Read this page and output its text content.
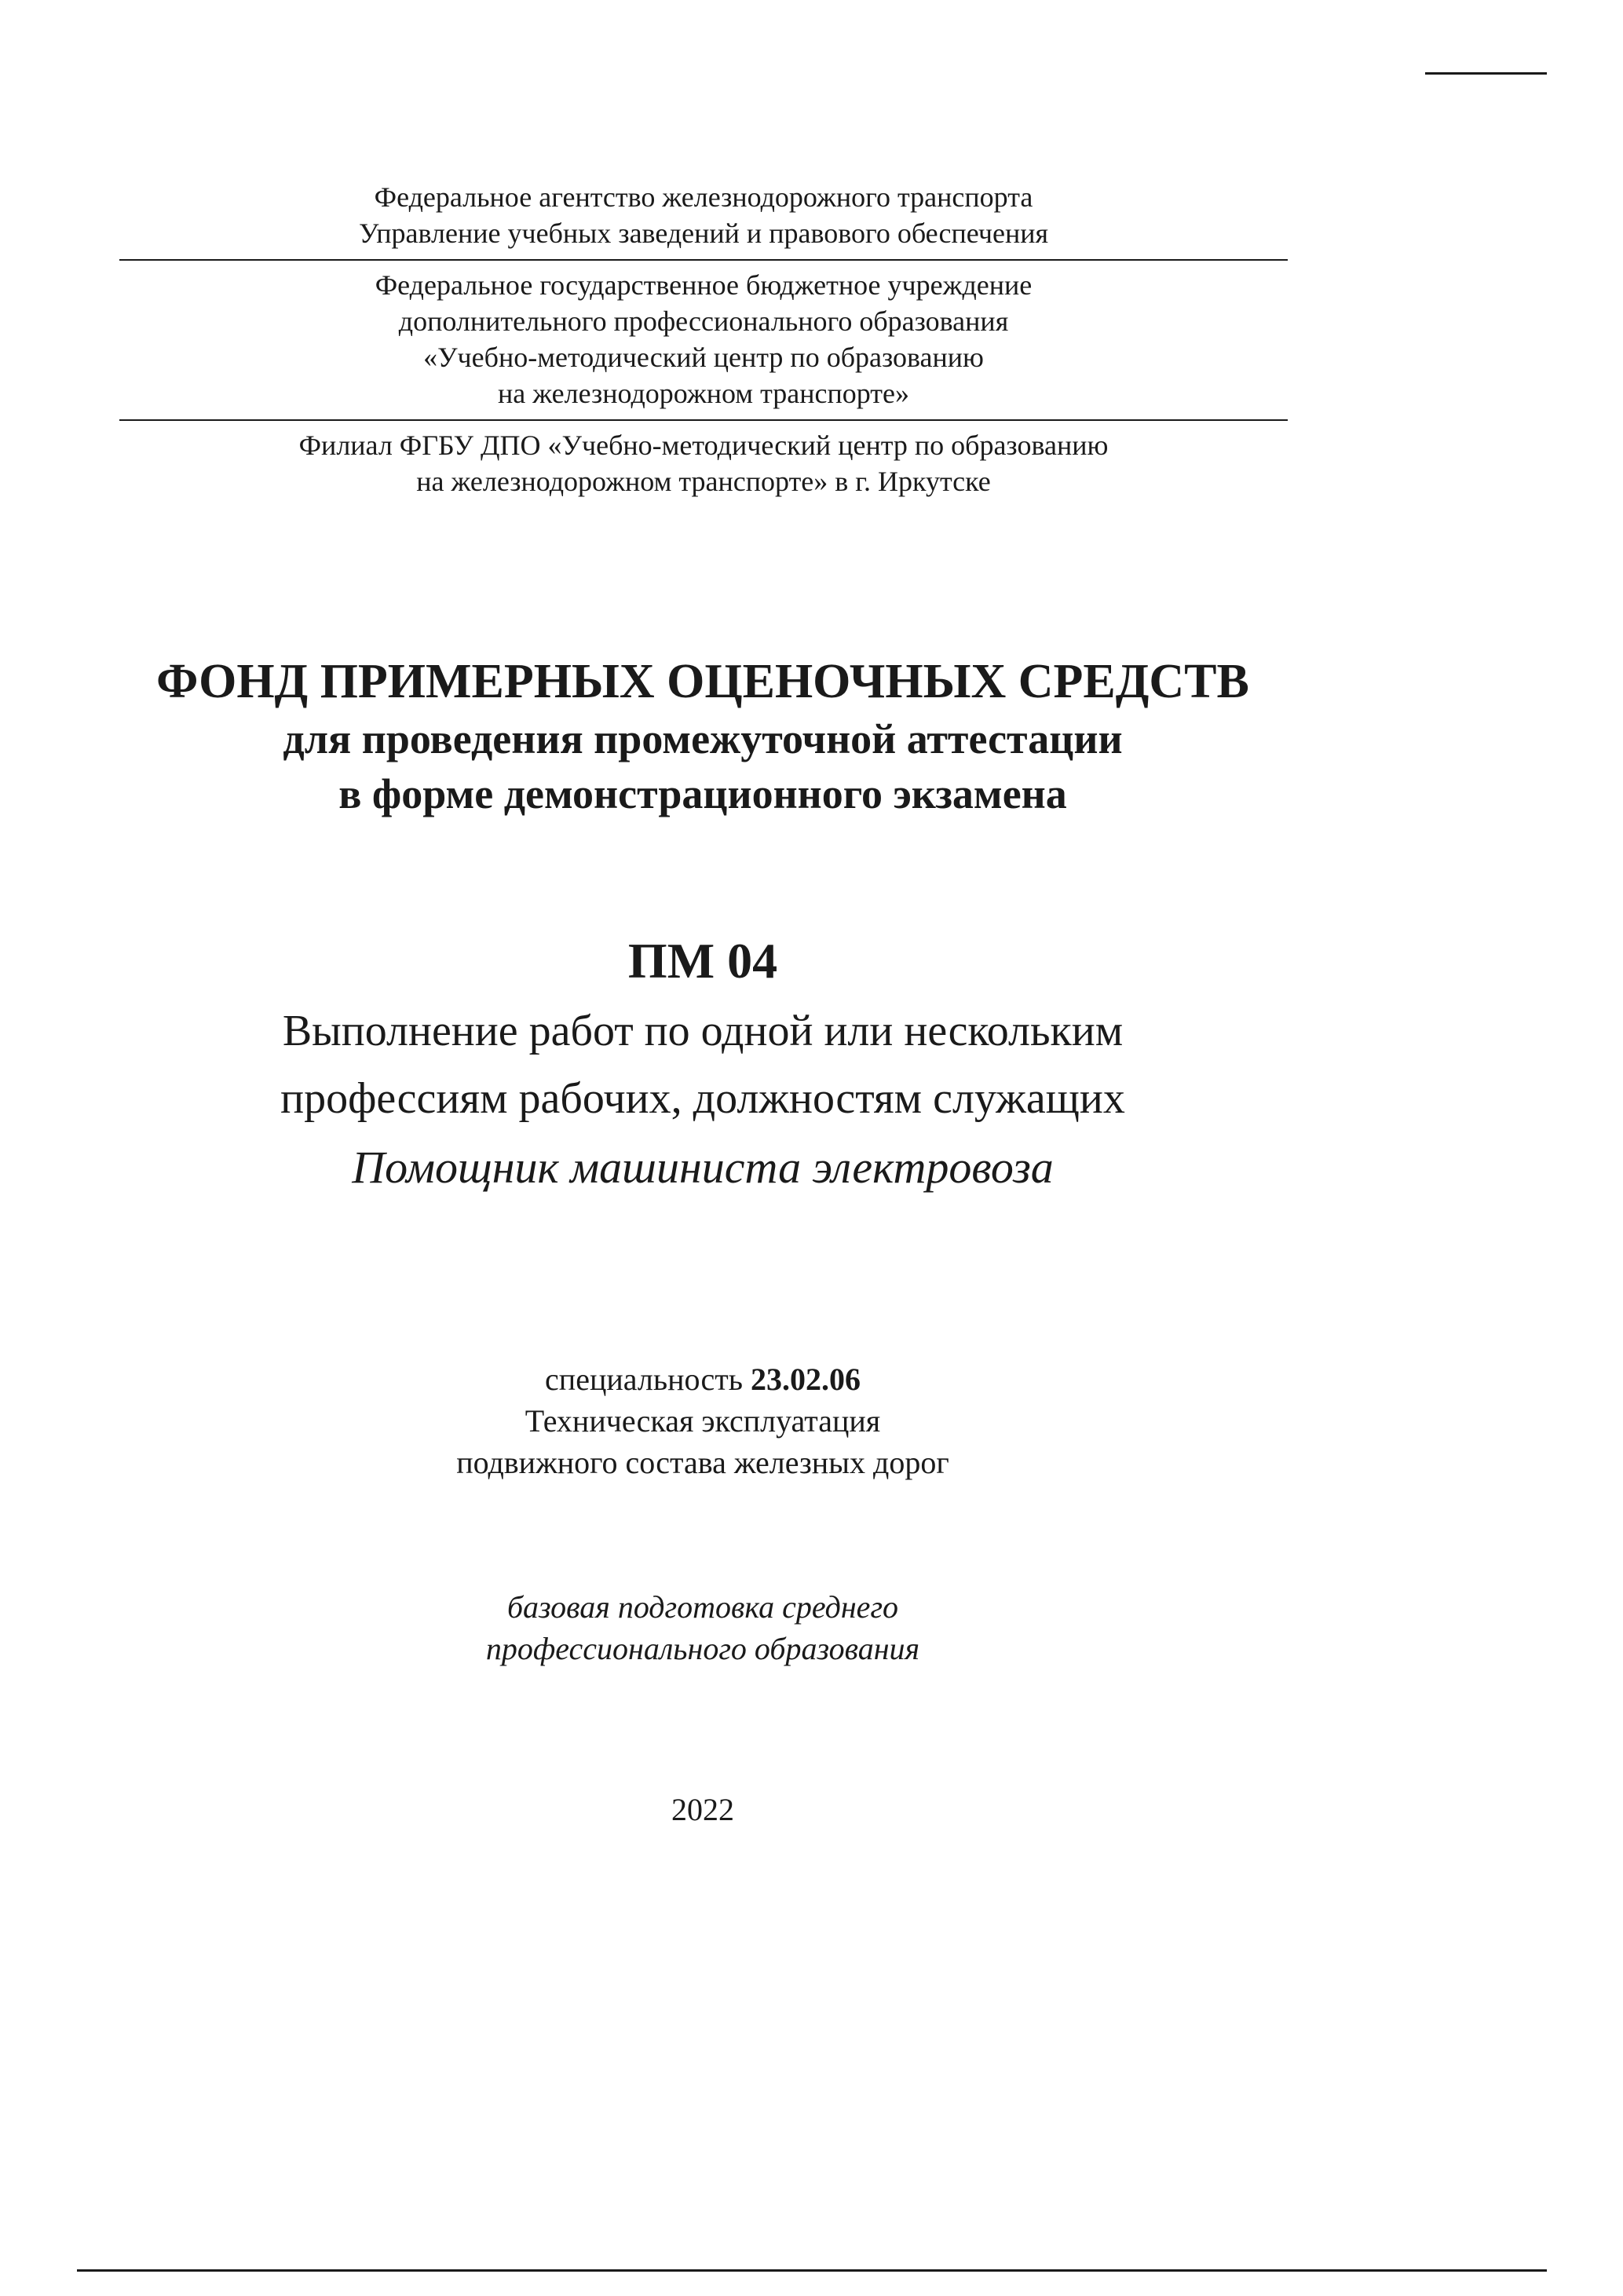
Федеральное агентство железнодорожного транспорта
Управление учебных заведений и правового обеспечения
Федеральное государственное бюджетное учреждение
дополнительного профессионального образования
«Учебно-методический центр по образованию
на железнодорожном транспорте»
Филиал ФГБУ ДПО «Учебно-методический центр по образованию
на железнодорожном транспорте» в г. Иркутске
ФОНД ПРИМЕРНЫХ ОЦЕНОЧНЫХ СРЕДСТВ
для проведения промежуточной аттестации
в форме демонстрационного экзамена
ПМ 04
Выполнение работ по одной или нескольким
профессиям рабочих, должностям служащих
Помощник машиниста электровоза
специальность 23.02.06
Техническая эксплуатация
подвижного состава железных дорог
базовая подготовка среднего
профессионального образования
2022
